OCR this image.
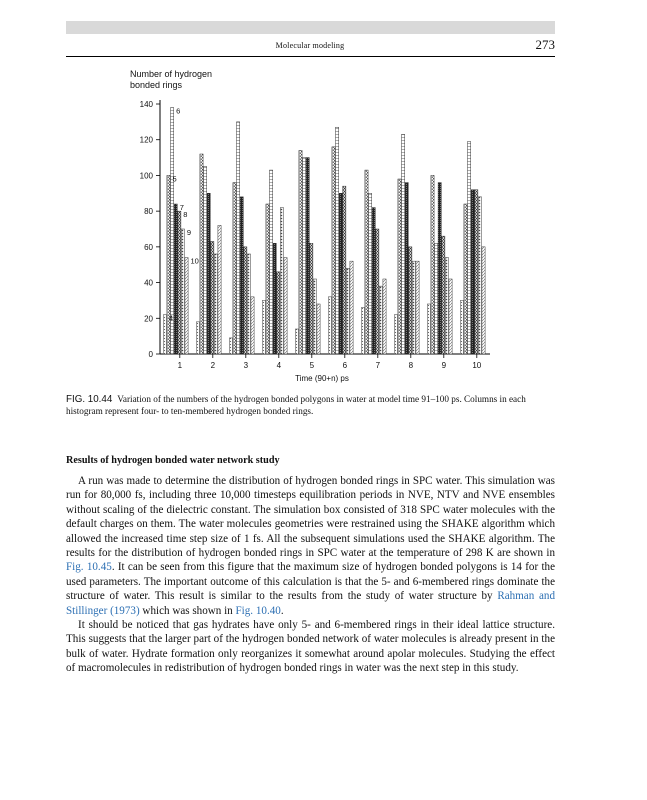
Molecular modeling	273
Number of hydrogen
bonded rings
0
20
40
60
80
100
120
140
1	2	3	4	5	6	7	8	9	10
4
5
6
7
8
9
10
Time (90+n) ps
FIG. 10.44 Variation of the numbers of the hydrogen bonded polygons in water at model time 91–100 ps. Columns in each histogram represent four- to ten-membered hydrogen bonded rings.
Results of hydrogen bonded water network study

A run was made to determine the distribution of hydrogen bonded rings in SPC water. This simulation was run for 80,000 fs, including three 10,000 timesteps equilibration periods in NVE, NTV and NVE ensembles without scaling of the dielectric constant. The simulation box consisted of 318 SPC water molecules with the default charges on them. The water molecules geometries were restrained using the SHAKE algorithm which allowed the increased time step size of 1 fs. All the subsequent simulations used the SHAKE algorithm. The results for the distribution of hydrogen bonded rings in SPC water at the temperature of 298 K are shown in Fig. 10.45. It can be seen from this figure that the maximum size of hydrogen bonded polygons is 14 for the used parameters. The important outcome of this calculation is that the 5- and 6-membered rings dominate the structure of water. This result is similar to the results from the study of water structure by Rahman and Stillinger (1973) which was shown in Fig. 10.40.

It should be noticed that gas hydrates have only 5- and 6-membered rings in their ideal lattice structure. This suggests that the larger part of the hydrogen bonded network of water molecules is already present in the bulk of water. Hydrate formation only reorganizes it somewhat around apolar molecules. Studying the effect of macromolecules in redistribution of hydrogen bonded rings in water was the next step in this study.
